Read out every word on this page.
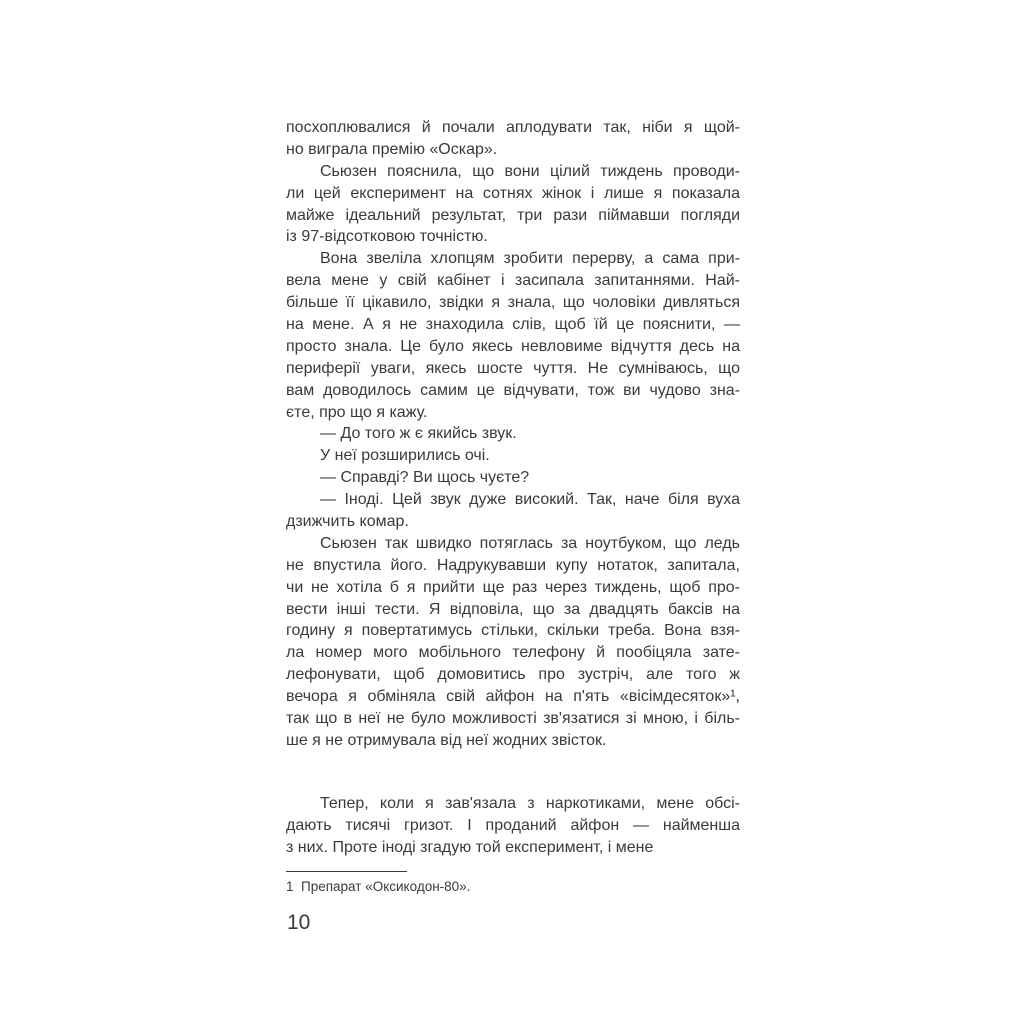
посхоплювалися й почали аплодувати так, ніби я щой-
но виграла премію «Оскар».
Сьюзен пояснила, що вони цілий тиждень проводи-
ли цей експеримент на сотнях жінок і лише я показала
майже ідеальний результат, три рази піймавши погляди
із 97-відсотковою точністю.
Вона звеліла хлопцям зробити перерву, а сама при-
вела мене у свій кабінет і засипала запитаннями. Най-
більше її цікавило, звідки я знала, що чоловіки дивляться
на мене. А я не знаходила слів, щоб їй це пояснити, —
просто знала. Це було якесь невловиме відчуття десь на
периферії уваги, якесь шосте чуття. Не сумніваюсь, що
вам доводилось самим це відчувати, тож ви чудово зна-
єте, про що я кажу.
— До того ж є якийсь звук.
У неї розширились очі.
— Справді? Ви щось чуєте?
— Іноді. Цей звук дуже високий. Так, наче біля вуха
дзижчить комар.
Сьюзен так швидко потяглась за ноутбуком, що ледь
не впустила його. Надрукувавши купу нотаток, запитала,
чи не хотіла б я прийти ще раз через тиждень, щоб про-
вести інші тести. Я відповіла, що за двадцять баксів на
годину я повертатимусь стільки, скільки треба. Вона взя-
ла номер мого мобільного телефону й пообіцяла зате-
лефонувати, щоб домовитись про зустріч, але того ж
вечора я обміняла свій айфон на п'ять «вісімдесяток»¹,
так що в неї не було можливості зв'язатися зі мною, і біль-
ше я не отримувала від неї жодних звісток.
Тепер, коли я зав'язала з наркотиками, мене обсі-
дають тисячі гризот. І проданий айфон — найменша
з них. Проте іноді згадую той експеримент, і мене
1 Препарат «Оксикодон-80».
10
